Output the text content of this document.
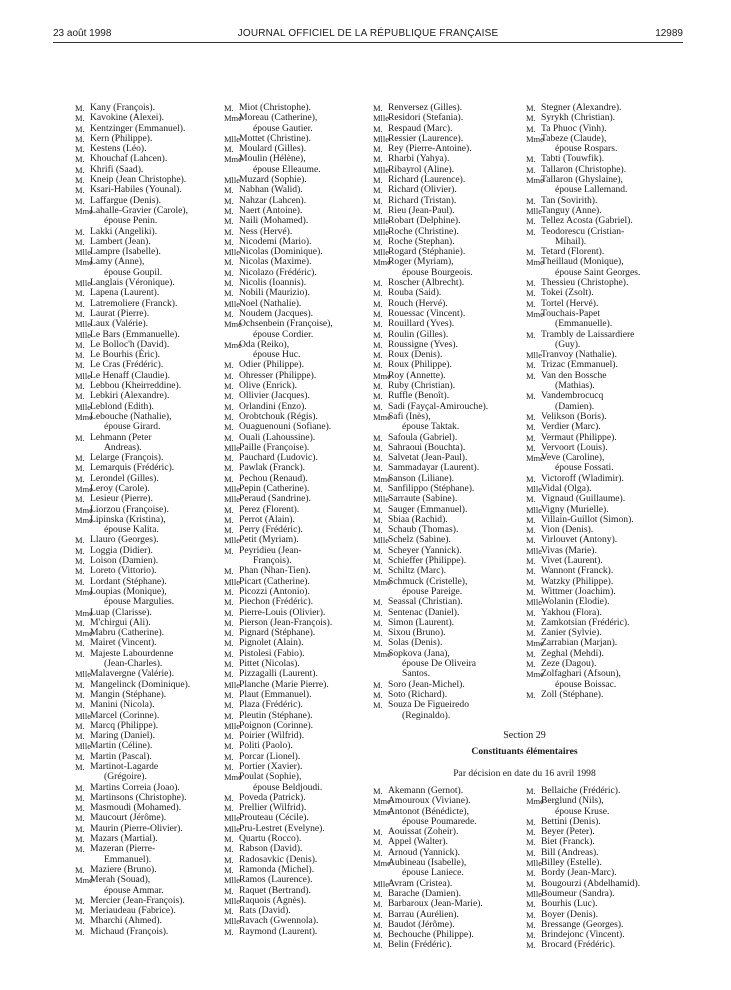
23 août 1998	JOURNAL OFFICIEL DE LA RÉPUBLIQUE FRANÇAISE	12989
M. Kany (François).
M. Kavokine (Alexei).
M. Kentzinger (Emmanuel).
M. Kern (Philippe).
M. Kestens (Léo).
M. Khouchaf (Lahcen).
M. Khrifi (Saad).
M. Kneip (Jean Christophe).
M. Ksari-Habiles (Younal).
M. Laffargue (Denis).
Mme
Lahalle-Gravier (Carole),
épouse Penin.
M. Lakki (Angeliki).
M. Lambert (Jean).
Mlle
Lampre (Isabelle).
Mme
Lamy (Anne),
épouse Goupil.
Mlle
Langlais (Véronique).
M. Lapena (Laurent).
M. Latremoliere (Franck).
M. Laurat (Pierre).
Mlle
Laux (Valérie).
Mlle
Le Bars (Emmanuelle).
M. Le Bolloc'h (David).
M. Le Bourhis (Éric).
M. Le Cras (Frédéric).
Mlle
Le Henaff (Claudie).
M. Lebbou (Kheirreddine).
M. Lebkiri (Alexandre).
Mlle
Leblond (Edith).
Mme
Lebouche (Nathalie),
épouse Girard.
M. Lehmann (Peter
Andreas).
M. Lelarge (François).
M. Lemarquis (Frédéric).
M. Lerondel (Gilles).
Mme
Leroy (Carole).
M. Lesieur (Pierre).
Mme
Liorzou (Françoise).
Mme
Lipinska (Kristina),
épouse Kalita.
M. Llauro (Georges).
M. Loggia (Didier).
M. Loison (Damien).
M. Loreto (Vittorio).
M. Lordant (Stéphane).
Mme
Loupias (Monique),
épouse Margulies.
Mme
Luap (Clarisse).
M. M'chirgui (Ali).
Mme
Mabru (Catherine).
M. Mairet (Vincent).
M. Majeste Labourdenne
(Jean-Charles).
Mlle
Malavergne (Valérie).
M. Mangelinck (Dominique).
M. Mangin (Stéphane).
M. Manini (Nicola).
Mlle
Marcel (Corinne).
M. Marcq (Philippe).
M. Maring (Daniel).
Mlle
Martin (Céline).
M. Martin (Pascal).
M. Martinot-Lagarde
(Grégoire).
M. Martins Correia (Joao).
M. Martinsons (Christophe).
M. Masmoudi (Mohamed).
M. Maucourt (Jérôme).
M. Maurin (Pierre-Olivier).
M. Mazars (Martial).
M. Mazeran (Pierre-
Emmanuel).
M. Maziere (Bruno).
Mme
Merah (Souad),
épouse Ammar.
M. Mercier (Jean-François).
M. Meriaudeau (Fabrice).
M. Mharchi (Ahmed).
M. Michaud (François).
M. Miot (Christophe).
Mme
Moreau (Catherine),
épouse Gautier.
Mlle
Mottet (Christine).
M. Moulard (Gilles).
Mme
Moulin (Hélène),
épouse Elleaume.
Mlle
Muzard (Sophie).
M. Nabhan (Walid).
M. Nahzar (Lahcen).
M. Naert (Antoine).
M. Naili (Mohamed).
M. Ness (Hervé).
M. Nicodemi (Mario).
Mlle
Nicolas (Dominique).
M. Nicolas (Maxime).
M. Nicolazo (Frédéric).
M. Nicolis (Ioannis).
M. Nobili (Maurizio).
Mlle
Noel (Nathalie).
M. Noudem (Jacques).
Mme
Ochsenbein (Françoise),
épouse Cordier.
Mme
Oda (Reiko),
épouse Huc.
M. Odier (Philippe).
M. Ohresser (Philippe).
M. Olive (Enrick).
M. Ollivier (Jacques).
M. Orlandini (Enzo).
M. Orobtchouk (Régis).
M. Ouaguenouni (Sofiane).
M. Ouali (Lahoussine).
Mlle
Paille (Françoise).
M. Pauchard (Ludovic).
M. Pawlak (Franck).
M. Pechou (Renaud).
Mlle
Pepin (Catherine).
Mlle
Peraud (Sandrine).
M. Perez (Florent).
M. Perrot (Alain).
M. Perry (Frédéric).
Mlle
Petit (Myriam).
M. Peyridieu (Jean-
François).
M. Phan (Nhan-Tien).
Mlle
Picart (Catherine).
M. Picozzi (Antonio).
M. Piechon (Frédéric).
M. Pierre-Louis (Olivier).
M. Pierson (Jean-François).
M. Pignard (Stéphane).
M. Pignolet (Alain).
M. Pistolesi (Fabio).
M. Pittet (Nicolas).
M. Pizzagalli (Laurent).
Mlle
Planche (Marie Pierre).
M. Plaut (Emmanuel).
M. Plaza (Frédéric).
M. Pleutin (Stéphane).
Mlle
Poignon (Corinne).
M. Poirier (Wilfrid).
M. Politi (Paolo).
M. Porcar (Lionel).
M. Portier (Xavier).
Mme
Poulat (Sophie),
épouse Beldjoudi.
M. Poveda (Patrick).
M. Prellier (Wilfrid).
Mlle
Prouteau (Cécile).
Mlle
Pru-Lestret (Evelyne).
M. Quartu (Rocco).
M. Rabson (David).
M. Radosavkic (Denis).
M. Ramonda (Michel).
Mlle
Ramos (Laurence).
M. Raquet (Bertrand).
Mlle
Raquois (Agnès).
M. Rats (David).
Mlle
Ravach (Gwennola).
M. Raymond (Laurent).
M. Renversez (Gilles).
Mlle
Residori (Stefania).
M. Respaud (Marc).
Mlle
Ressier (Laurence).
M. Rey (Pierre-Antoine).
M. Rharbi (Yahya).
Mlle
Ribayrol (Aline).
M. Richard (Laurence).
M. Richard (Olivier).
M. Richard (Tristan).
M. Rieu (Jean-Paul).
Mlle
Robart (Delphine).
Mlle
Roche (Christine).
M. Roche (Stephan).
Mlle
Rogard (Stéphanie).
Mme
Roger (Myriam),
épouse Bourgeois.
M. Roscher (Albrecht).
M. Rouba (Said).
M. Rouch (Hervé).
M. Rouessac (Vincent).
M. Rouillard (Yves).
M. Roulin (Gilles).
M. Roussigne (Yves).
M. Roux (Denis).
M. Roux (Philippe).
Mme
Roy (Annette).
M. Ruby (Christian).
M. Ruffle (Benoît).
M. Sadi (Fayçal-Amirouche).
Mme
Safi (Inès),
épouse Taktak.
M. Safoula (Gabriel).
M. Sahraoui (Bouchta).
M. Salvetat (Jean-Paul).
M. Sammadayar (Laurent).
Mme
Sanson (Liliane).
M. Sanfilippo (Stéphane).
Mlle
Sarraute (Sabine).
M. Sauger (Emmanuel).
M. Sbiaa (Rachid).
M. Schaub (Thomas).
Mlle
Schelz (Sabine).
M. Scheyer (Yannick).
M. Schieffer (Philippe).
M. Schiltz (Marc).
Mme
Schmuck (Cristelle),
épouse Pareige.
M. Seassal (Christian).
M. Sentenac (Daniel).
M. Simon (Laurent).
M. Sixou (Bruno).
M. Solas (Denis).
Mme
Sopkova (Jana),
épouse De Oliveira
Santos.
M. Soro (Jean-Michel).
M. Soto (Richard).
M. Souza De Figueiredo
(Reginaldo).
M. Stegner (Alexandre).
M. Syrykh (Christian).
M. Ta Phuoc (Vinh).
Mme
Tabeze (Claude),
épouse Rospars.
M. Tabti (Touwfik).
M. Tallaron (Christophe).
Mme
Tallaron (Ghyslaine),
épouse Lallemand.
M. Tan (Sovirith).
Mlle
Tanguy (Anne).
M. Tellez Acosta (Gabriel).
M. Teodorescu (Cristian-
Mihail).
M. Tetard (Florent).
Mme
Theillaud (Monique),
épouse Saint Georges.
M. Thessieu (Christophe).
M. Tokei (Zsolt).
M. Tortel (Hervé).
Mme
Touchais-Papet
(Emmanuelle).
M. Trambly de Laissardiere
(Guy).
Mlle
Tranvoy (Nathalie).
M. Trizac (Emmanuel).
M. Van den Bossche
(Mathias).
M. Vandembrocucq
(Damien).
M. Velikson (Boris).
M. Verdier (Marc).
M. Vermaut (Philippe).
M. Vervoort (Louis).
Mme
Veve (Caroline),
épouse Fossati.
M. Victoroff (Wladimir).
Mlle
Vidal (Olga).
M. Vignaud (Guillaume).
Mlle
Vigny (Murielle).
M. Villain-Guillot (Simon).
M. Vion (Denis).
M. Virlouvet (Antony).
Mlle
Vivas (Marie).
M. Vivet (Laurent).
M. Wannont (Franck).
M. Watzky (Philippe).
M. Wittmer (Joachim).
Mlle
Wolanin (Elodie).
M. Yakhou (Flora).
M. Zamkotsian (Frédéric).
M. Zanier (Sylvie).
Mme
Zarrabian (Marjan).
M. Zeghal (Mehdi).
M. Zeze (Dagou).
Mme
Zolfaghari (Afsoun),
épouse Boissac.
M. Zoll (Stéphane).
Section 29
Constituants élémentaires
Par décision en date du 16 avril 1998
M. Akemann (Gernot).
Mme
Amouroux (Viviane).
Mme
Antonot (Bénédicte),
épouse Poumarede.
M. Aouissat (Zoheir).
M. Appel (Walter).
M. Arnoud (Yannick).
Mme
Aubineau (Isabelle),
épouse Laniece.
Mlle
Avram (Cristea).
M. Barache (Damien).
M. Barbaroux (Jean-Marie).
M. Barrau (Aurélien).
M. Baudot (Jérôme).
M. Bechouche (Philippe).
M. Belin (Frédéric).
M. Bellaiche (Frédéric).
Mme
Berglund (Nils),
épouse Kruse.
M. Bettini (Denis).
M. Beyer (Peter).
M. Biet (Franck).
M. Bill (Andreas).
Mlle
Billey (Estelle).
M. Bordy (Jean-Marc).
M. Bougourzi (Abdelhamid).
Mlle
Boumeur (Sandra).
M. Bourhis (Luc).
M. Boyer (Denis).
M. Bressange (Georges).
M. Brindejonc (Vincent).
M. Brocard (Frédéric).
